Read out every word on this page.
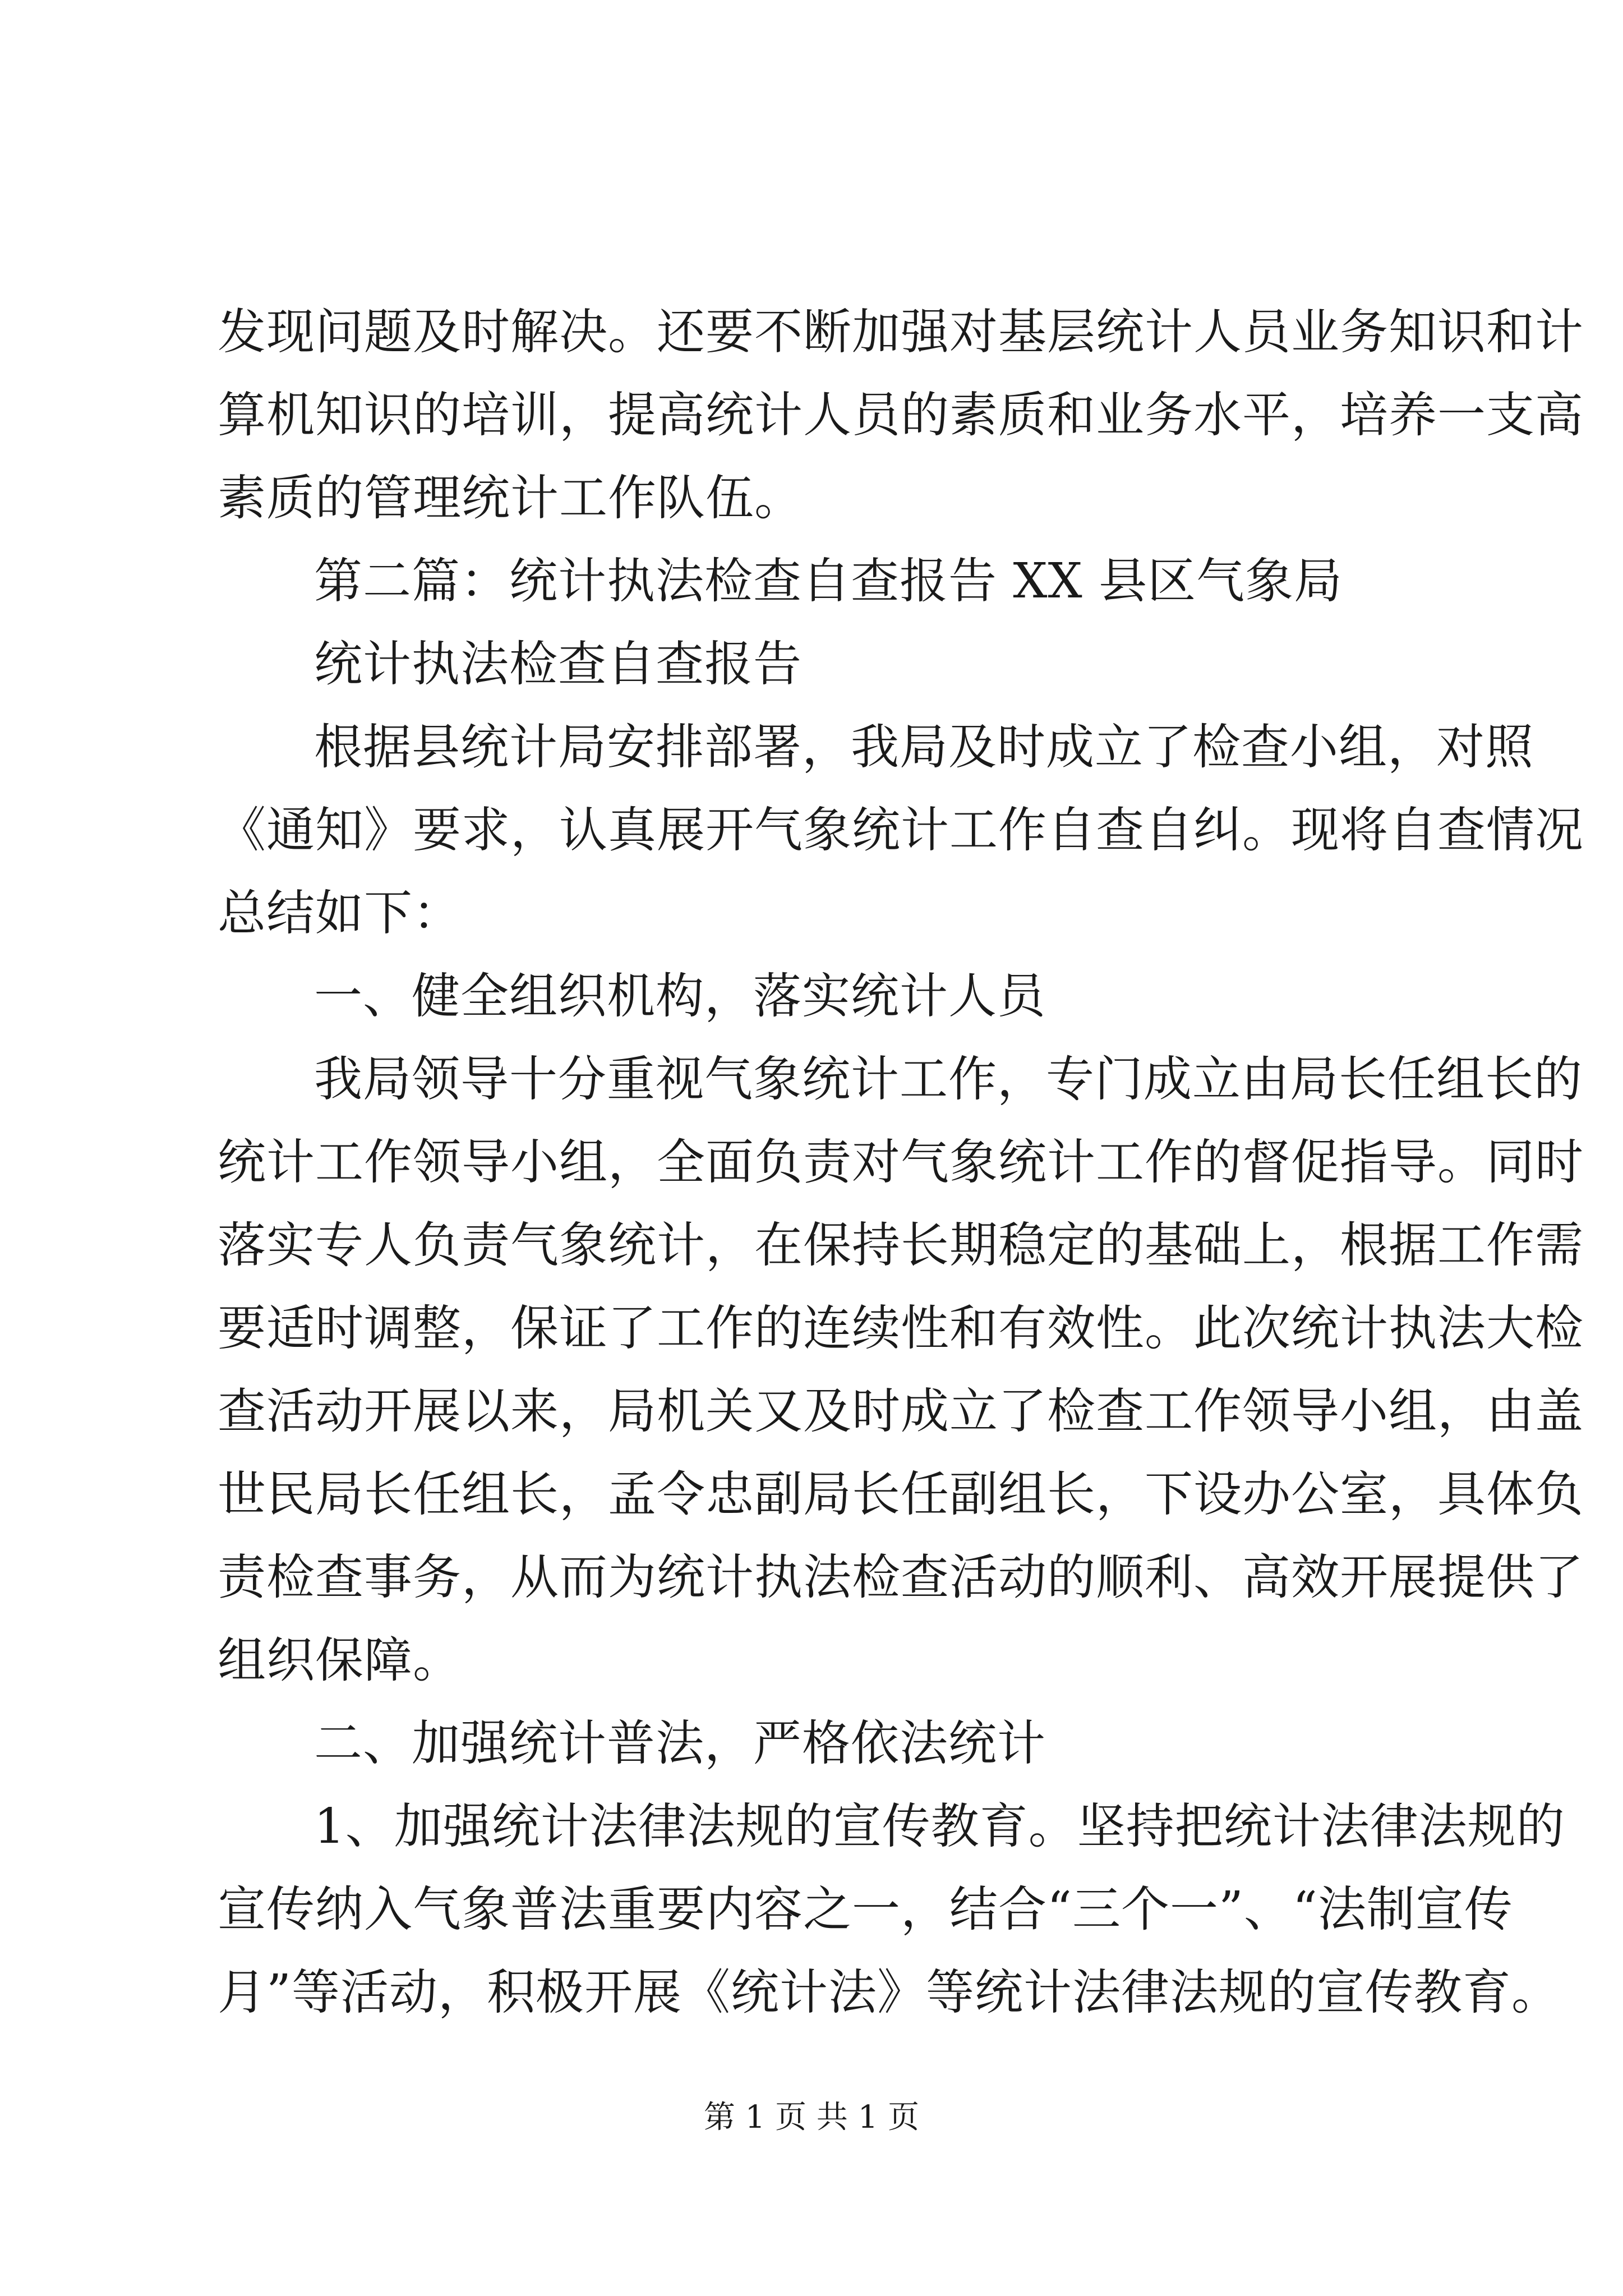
发现问题及时解决。还要不断加强对基层统计人员业务知识和计
算机知识的培训，提高统计人员的素质和业务水平，培养一支高
素质的管理统计工作队伍。
第二篇：统计执法检查自查报告 XX 县区气象局
统计执法检查自查报告
根据县统计局安排部署，我局及时成立了检查小组，对照
《通知》要求，认真展开气象统计工作自查自纠。现将自查情况
总结如下：
一、健全组织机构，落实统计人员
我局领导十分重视气象统计工作，专门成立由局长任组长的
统计工作领导小组，全面负责对气象统计工作的督促指导。同时
落实专人负责气象统计，在保持长期稳定的基础上，根据工作需
要适时调整，保证了工作的连续性和有效性。此次统计执法大检
查活动开展以来，局机关又及时成立了检查工作领导小组，由盖
世民局长任组长，孟令忠副局长任副组长，下设办公室，具体负
责检查事务，从而为统计执法检查活动的顺利、高效开展提供了
组织保障。
二、加强统计普法，严格依法统计
1、加强统计法律法规的宣传教育。坚持把统计法律法规的
宣传纳入气象普法重要内容之一，结合“三个一”、“法制宣传
月”等活动，积极开展《统计法》等统计法律法规的宣传教育。
第 1 页 共 1 页
